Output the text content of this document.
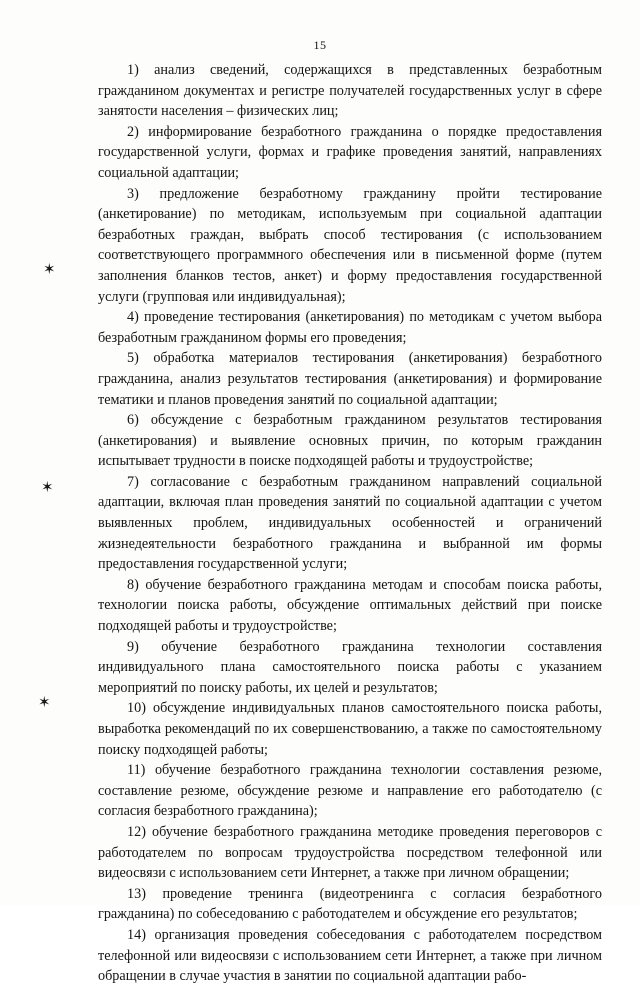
15
✶
✶
✶

1) анализ сведений, содержащихся в представленных безработным гражданином документах и регистре получателей государственных услуг в сфере занятости населения – физических лиц;

2) информирование безработного гражданина о порядке предоставления государственной услуги, формах и графике проведения занятий, направлениях социальной адаптации;

3) предложение безработному гражданину пройти тестирование (анкетирование) по методикам, используемым при социальной адаптации безработных граждан, выбрать способ тестирования (с использованием соответствующего программного обеспечения или в письменной форме (путем заполнения бланков тестов, анкет) и форму предоставления государственной услуги (групповая или индивидуальная);

4) проведение тестирования (анкетирования) по методикам с учетом выбора безработным гражданином формы его проведения;

5) обработка материалов тестирования (анкетирования) безработного гражданина, анализ результатов тестирования (анкетирования) и формирование тематики и планов проведения занятий по социальной адаптации;

6) обсуждение с безработным гражданином результатов тестирования (анкетирования) и выявление основных причин, по которым гражданин испытывает трудности в поиске подходящей работы и трудоустройстве;

7) согласование с безработным гражданином направлений социальной адаптации, включая план проведения занятий по социальной адаптации с учетом выявленных проблем, индивидуальных особенностей и ограничений жизнедеятельности безработного гражданина и выбранной им формы предоставления государственной услуги;

8) обучение безработного гражданина методам и способам поиска работы, технологии поиска работы, обсуждение оптимальных действий при поиске подходящей работы и трудоустройстве;

9) обучение безработного гражданина технологии составления индивидуального плана самостоятельного поиска работы с указанием мероприятий по поиску работы, их целей и результатов;

10) обсуждение индивидуальных планов самостоятельного поиска работы, выработка рекомендаций по их совершенствованию, а также по самостоятельному поиску подходящей работы;

11) обучение безработного гражданина технологии составления резюме, составление резюме, обсуждение резюме и направление его работодателю (с согласия безработного гражданина);

12) обучение безработного гражданина методике проведения переговоров с работодателем по вопросам трудоустройства посредством телефонной или видеосвязи с использованием сети Интернет, а также при личном обращении;

13) проведение тренинга (видеотренинга с согласия безработного гражданина) по собеседованию с работодателем и обсуждение его результатов;

14) организация проведения собеседования с работодателем посредством телефонной или видеосвязи с использованием сети Интернет, а также при личном обращении в случае участия в занятии по социальной адаптации рабо-
